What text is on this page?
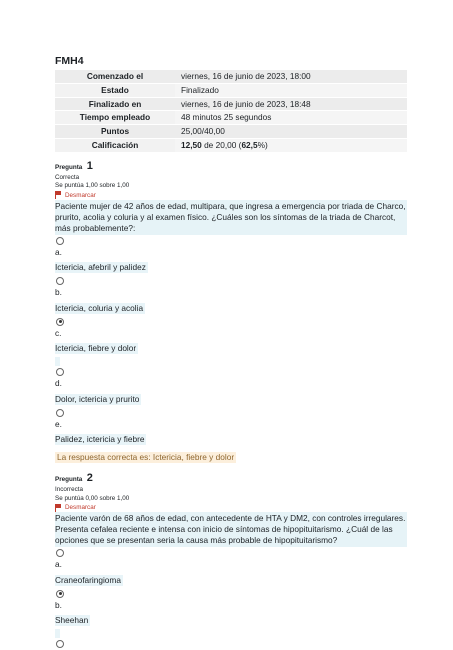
FMH4
Comenzado el	viernes, 16 de junio de 2023, 18:00
Estado	Finalizado
Finalizado en	viernes, 16 de junio de 2023, 18:48
Tiempo empleado	48 minutos 25 segundos
Puntos	25,00/40,00
Calificación	12,50 de 20,00 (62,5%)
Pregunta 1
Correcta
Se puntúa 1,00 sobre 1,00
Desmarcar
Paciente mujer de 42 años de edad, multipara, que ingresa a emergencia por triada de Charco, prurito, acolia y coluria y al examen físico. ¿Cuáles son los síntomas de la triada de Charcot, más probablemente?:
a.
Ictericia, afebril y palidez
b.
Ictericia, coluria y acolia
c.
Ictericia, fiebre y dolor
d.
Dolor, ictericia y prurito
e.
Palidez, ictericia y fiebre
La respuesta correcta es: Ictericia, fiebre y dolor
Pregunta 2
Incorrecta
Se puntúa 0,00 sobre 1,00
Desmarcar
Paciente varón de 68 años de edad, con antecedente de HTA y DM2, con controles irregulares. Presenta cefalea reciente e intensa con inicio de síntomas de hipopituitarismo. ¿Cuál de las opciones que se presentan seria la causa más probable de hipopituitarismo?
a.
Craneofaringioma
b.
Sheehan
